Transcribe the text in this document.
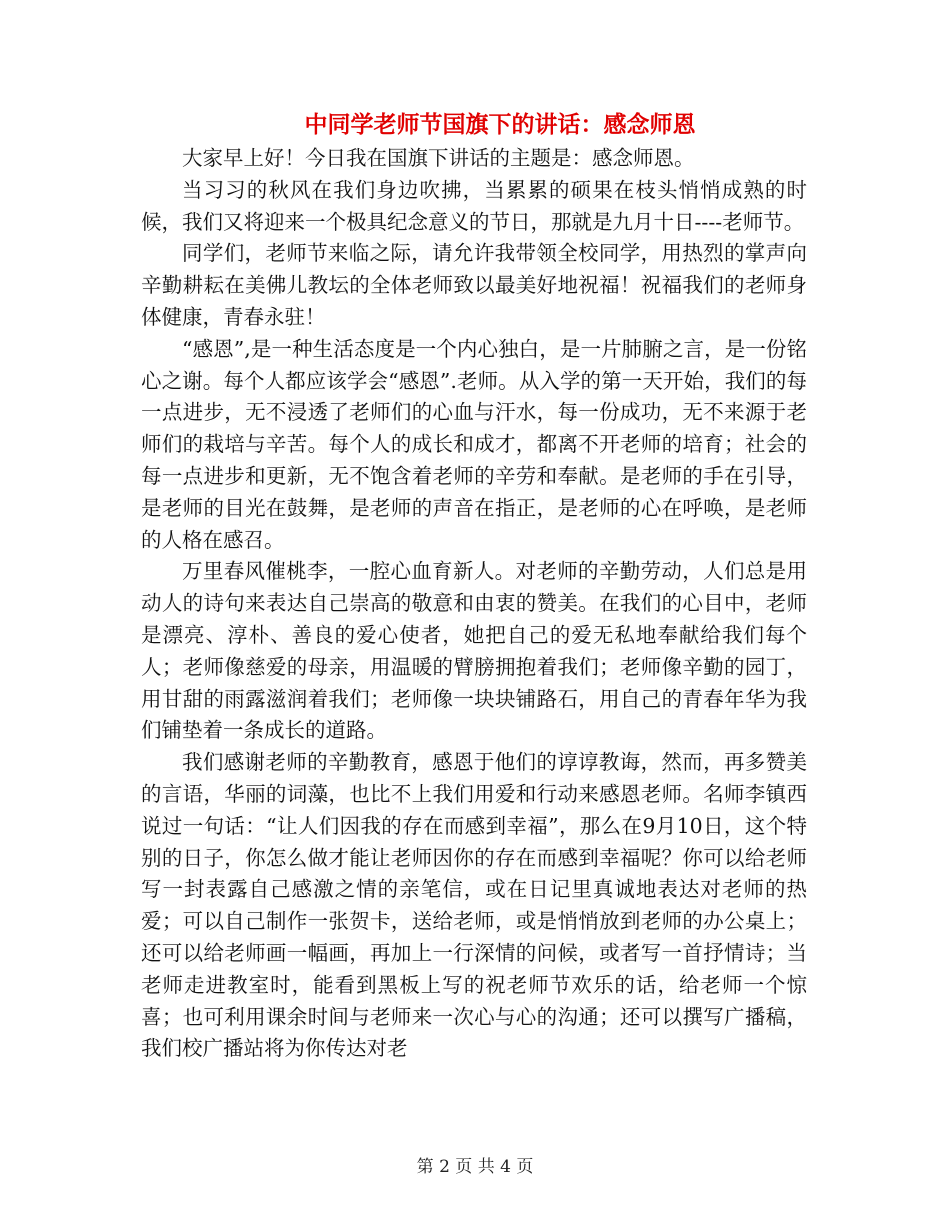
中同学老师节国旗下的讲话：感念师恩

大家早上好！今日我在国旗下讲话的主题是：感念师恩。

当习习的秋风在我们身边吹拂，当累累的硕果在枝头悄悄成熟的时候，我们又将迎来一个极具纪念意义的节日，那就是九月十日----老师节。

同学们，老师节来临之际，请允许我带领全校同学，用热烈的掌声向辛勤耕耘在美佛儿教坛的全体老师致以最美好地祝福！祝福我们的老师身体健康，青春永驻！

“感恩”,是一种生活态度是一个内心独白，是一片肺腑之言，是一份铭心之谢。每个人都应该学会“感恩”.老师。从入学的第一天开始，我们的每一点进步，无不浸透了老师们的心血与汗水，每一份成功，无不来源于老师们的栽培与辛苦。每个人的成长和成才，都离不开老师的培育；社会的每一点进步和更新，无不饱含着老师的辛劳和奉献。是老师的手在引导，是老师的目光在鼓舞，是老师的声音在指正，是老师的心在呼唤，是老师的人格在感召。

万里春风催桃李，一腔心血育新人。对老师的辛勤劳动，人们总是用动人的诗句来表达自己崇高的敬意和由衷的赞美。在我们的心目中，老师是漂亮、淳朴、善良的爱心使者，她把自己的爱无私地奉献给我们每个人；老师像慈爱的母亲，用温暖的臂膀拥抱着我们；老师像辛勤的园丁，用甘甜的雨露滋润着我们；老师像一块块铺路石，用自己的青春年华为我们铺垫着一条成长的道路。

我们感谢老师的辛勤教育，感恩于他们的谆谆教诲，然而，再多赞美的言语，华丽的词藻，也比不上我们用爱和行动来感恩老师。名师李镇西说过一句话：“让人们因我的存在而感到幸福”，那么在9月10日，这个特别的日子，你怎么做才能让老师因你的存在而感到幸福呢？你可以给老师写一封表露自己感激之情的亲笔信，或在日记里真诚地表达对老师的热爱；可以自己制作一张贺卡，送给老师，或是悄悄放到老师的办公桌上；还可以给老师画一幅画，再加上一行深情的问候，或者写一首抒情诗；当老师走进教室时，能看到黑板上写的祝老师节欢乐的话，给老师一个惊喜；也可利用课余时间与老师来一次心与心的沟通；还可以撰写广播稿，我们校广播站将为你传达对老

第 2 页 共 4 页
